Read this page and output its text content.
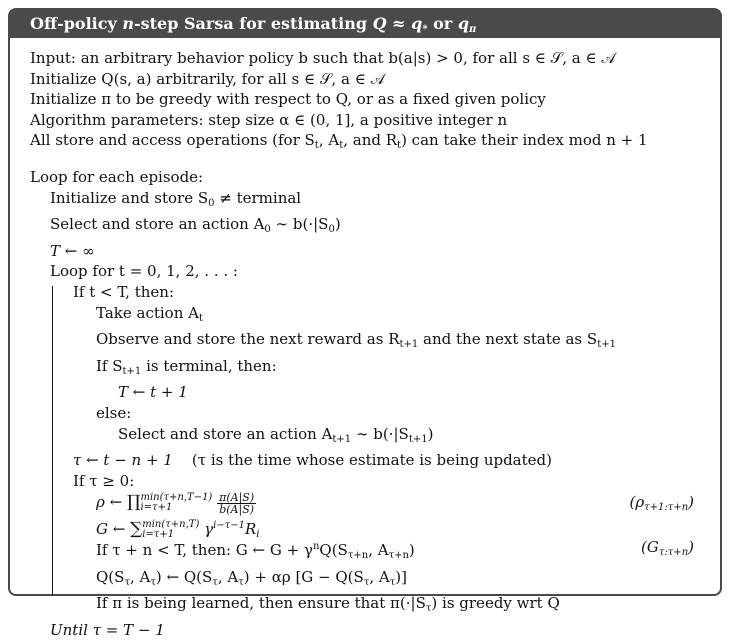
Off-policy n-step Sarsa for estimating $Q \approx q_*$ or $q_\pi$
Input: an arbitrary behavior policy b such that b(a|s) > 0, for all s ∈ 𝒮, a ∈ 𝒜
Initialize Q(s, a) arbitrarily, for all s ∈ 𝒮, a ∈ 𝒜
Initialize π to be greedy with respect to Q, or as a fixed given policy
Algorithm parameters: step size α ∈ (0, 1], a positive integer n
All store and access operations (for $S_t$, $A_t$, and $R_t$) can take their index mod n + 1
Loop for each episode:
Initialize and store $S_0$ ≠ terminal
Select and store an action $A_0$ ∼ $b(\cdot|S_0)$
T ← ∞
Loop for t = 0, 1, 2, . . . :
If t < T, then:
Take action $A_t$
Observe and store the next reward as $R_{t+1}$ and the next state as $S_{t+1}$
If $S_{t+1}$ is terminal, then:
T ← t + 1
else:
Select and store an action $A_{t+1}$ ∼ $b(\cdot|S_{t+1})$
τ ← t − n + 1 (τ is the time whose estimate is being updated)
If τ ≥ 0:
ρ ← ∏ min(τ+n,T−1)
i=τ+1
	$\frac{\pi(A|S)}{b(A|S)}$	$(\rho_{\tau+1:\tau+n})$
G ← ∑ min(τ+n,T)
i=τ+1	$\gamma^{i-\tau-1}R_i$
If τ + n < T, then: G ← $G + \gamma^nQ(S_{\tau+n}$, $A_{\tau+n}$)	$(G_{\tau:\tau+n})$
$Q(S_\tau$, $A_\tau$) ← $Q(S_\tau$, $A_\tau) + \alpha\rho$ [$G - Q(S_\tau$, $A_\tau$)]
If π is being learned, then ensure that $\pi(\cdot|S_\tau)$ is greedy wrt Q
Until τ = T − 1
